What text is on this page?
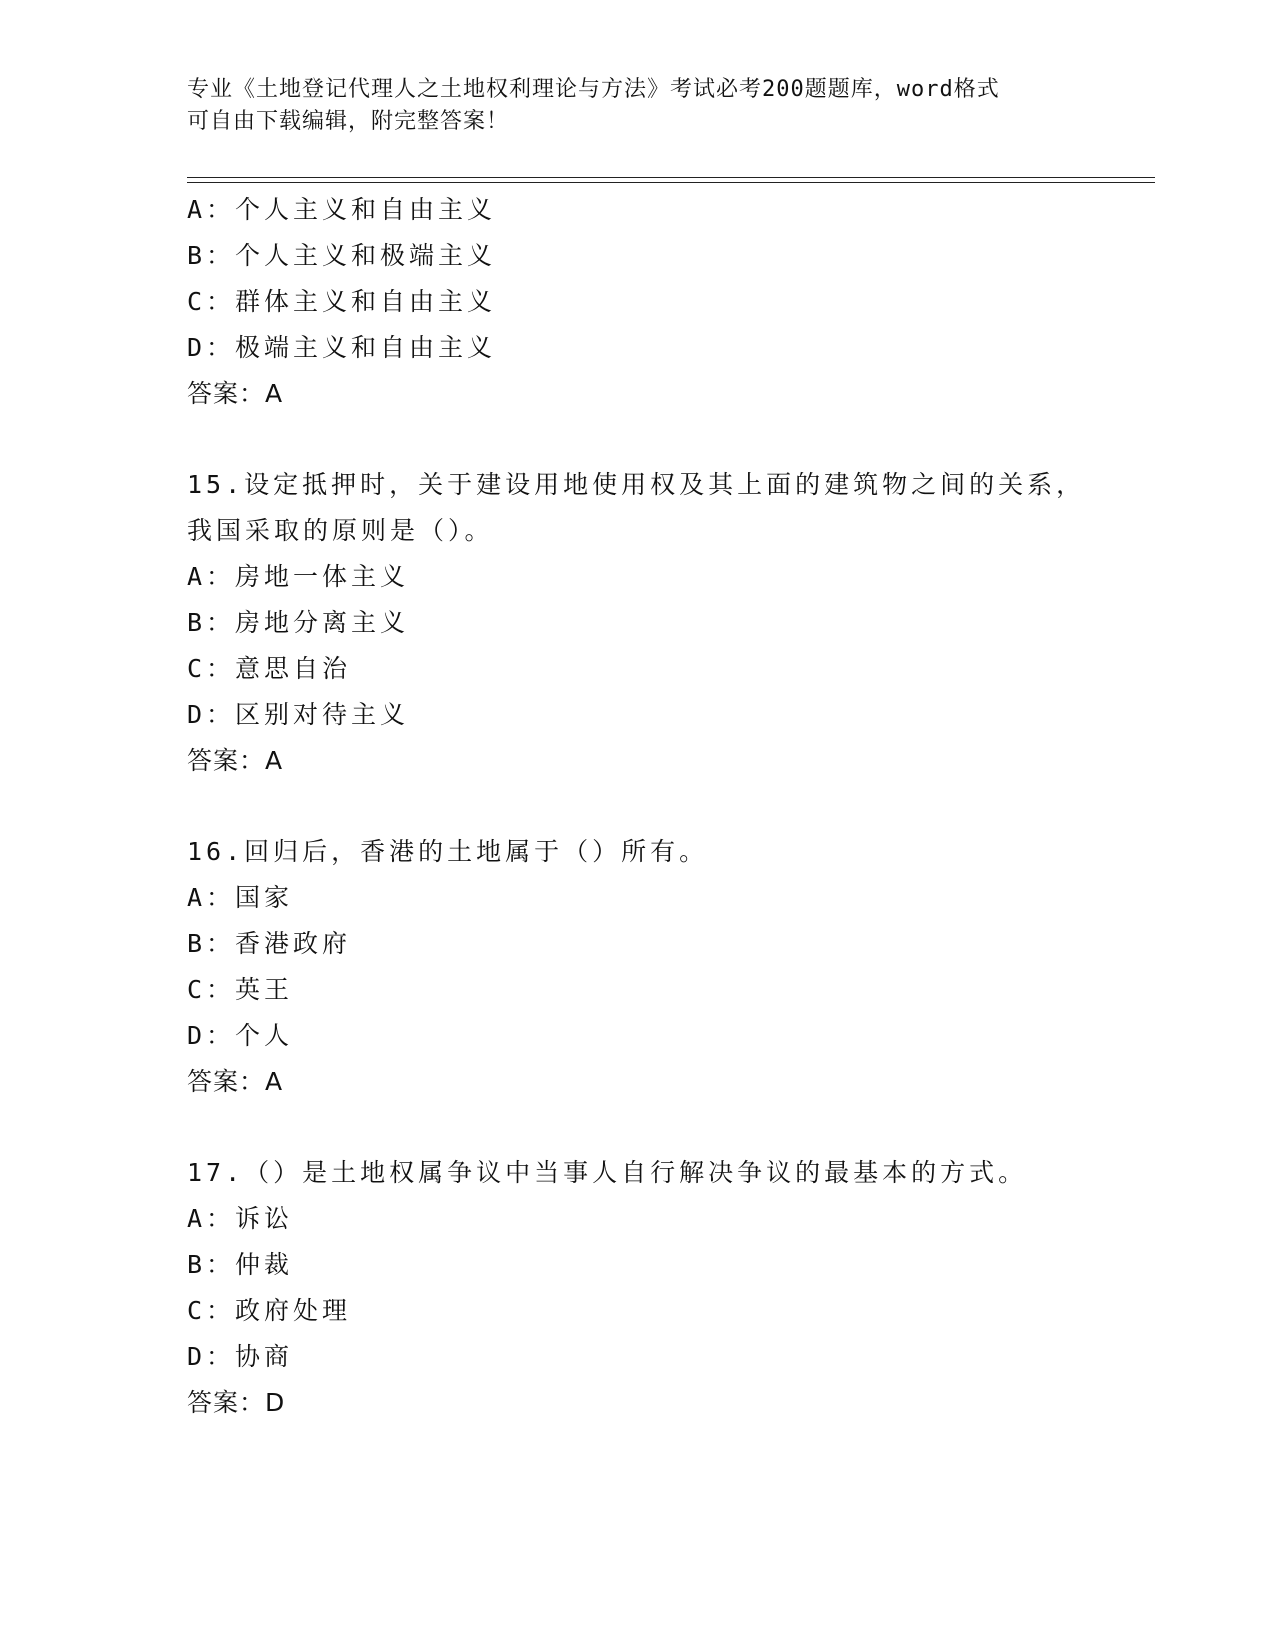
专业《土地登记代理人之土地权利理论与方法》考试必考200题题库，word格式
可自由下载编辑，附完整答案！
A：个人主义和自由主义
B：个人主义和极端主义
C：群体主义和自由主义
D：极端主义和自由主义
答案：A
15.设定抵押时，关于建设用地使用权及其上面的建筑物之间的关系，
我国采取的原则是（）。
A：房地一体主义
B：房地分离主义
C：意思自治
D：区别对待主义
答案：A
16.回归后，香港的土地属于（）所有。
A：国家
B：香港政府
C：英王
D：个人
答案：A
17.（）是土地权属争议中当事人自行解决争议的最基本的方式。
A：诉讼
B：仲裁
C：政府处理
D：协商
答案：D
